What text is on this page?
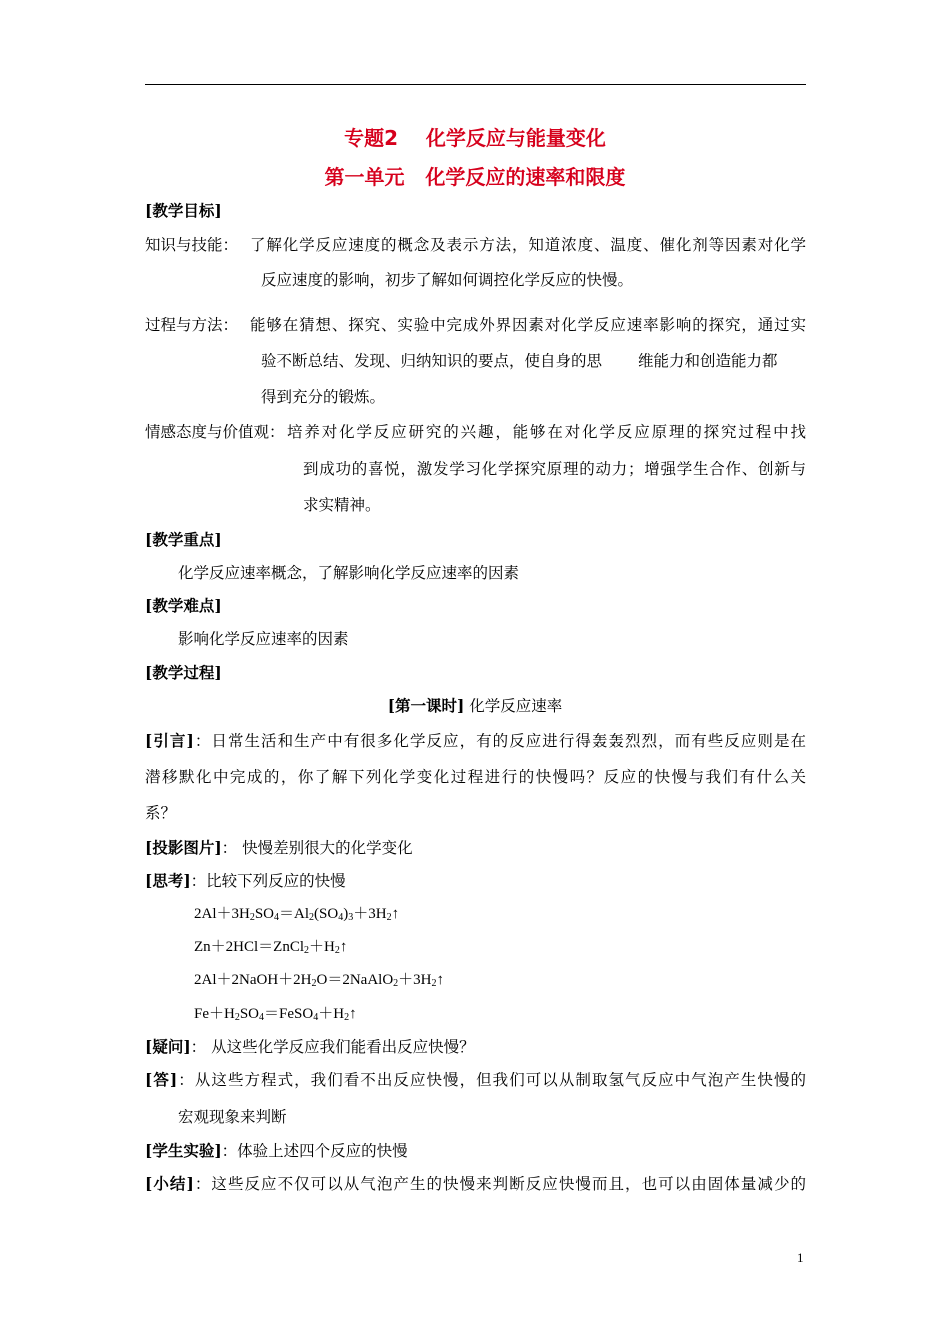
专题2    化学反应与能量变化
第一单元   化学反应的速率和限度
[教学目标]
知识与技能： 了解化学反应速度的概念及表示方法，知道浓度、温度、催化剂等因素对化学
反应速度的影响，初步了解如何调控化学反应的快慢。
过程与方法： 能够在猜想、探究、实验中完成外界因素对化学反应速率影响的探究，通过实
验不断总结、发现、归纳知识的要点，使自身的思 维能力和创造能力都
得到充分的锻炼。
情感态度与价值观： 培养对化学反应研究的兴趣，能够在对化学反应原理的探究过程中找
到成功的喜悦，激发学习化学探究原理的动力；增强学生合作、创新与
求实精神。
[教学重点]
化学反应速率概念，了解影响化学反应速率的因素
[教学难点]
影响化学反应速率的因素
[教学过程]
[第一课时] 化学反应速率
[引言]：日常生活和生产中有很多化学反应，有的反应进行得轰轰烈烈，而有些反应则是在
潜移默化中完成的，你了解下列化学变化过程进行的快慢吗？反应的快慢与我们有什么关
系？
[投影图片]： 快慢差别很大的化学变化
[思考]：比较下列反应的快慢
$2Al+3H_2SO_4=Al_2(SO_4)_3+3H_2↑$
$Zn+2HCl=ZnCl_2+H_2↑$
$2Al+2NaOH+2H_2O=2NaAlO_2+3H_2↑$
$Fe+H_2SO_4=FeSO_4+H_2↑$
[疑问]： 从这些化学反应我们能看出反应快慢？
[答]：从这些方程式，我们看不出反应快慢，但我们可以从制取氢气反应中气泡产生快慢的
宏观现象来判断
[学生实验]：体验上述四个反应的快慢
[小结]：这些反应不仅可以从气泡产生的快慢来判断反应快慢而且，也可以由固体量减少的
1
